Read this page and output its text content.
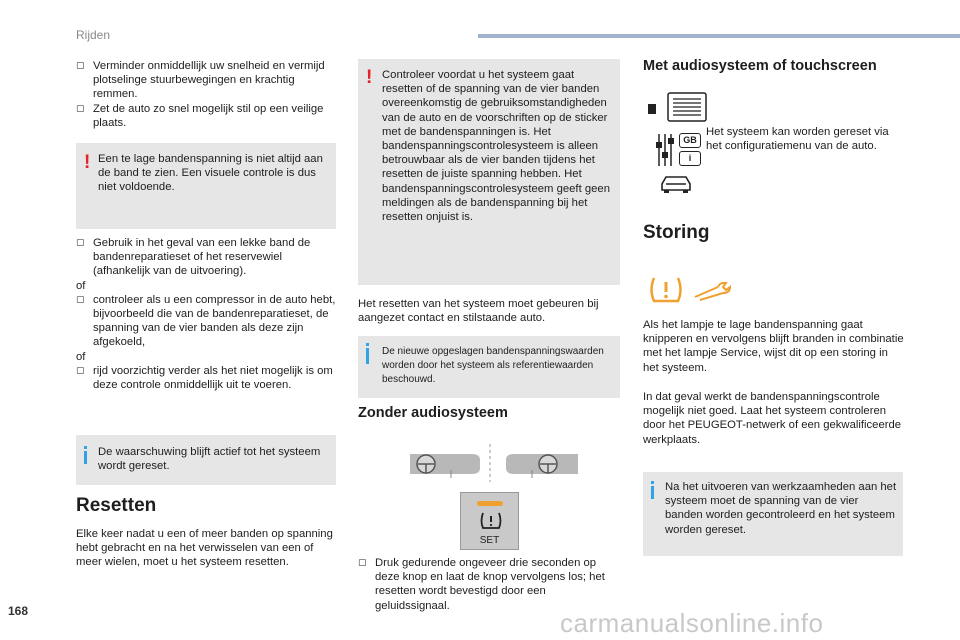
Rijden
▢ Verminder onmiddellijk uw snelheid en vermijd plotselinge stuurbewegingen en krachtig remmen.
▢ Zet de auto zo snel mogelijk stil op een veilige plaats.
! Een te lage bandenspanning is niet altijd aan de band te zien. Een visuele controle is dus niet voldoende.
▢ Gebruik in het geval van een lekke band de bandenreparatieset of het reservewiel (afhankelijk van de uitvoering).
of
▢ controleer als u een compressor in de auto hebt, bijvoorbeeld die van de bandenreparatieset, de spanning van de vier banden als deze zijn afgekoeld,
of
▢ rijd voorzichtig verder als het niet mogelijk is om deze controle onmiddellijk uit te voeren.
De waarschuwing blijft actief tot het systeem wordt gereset.
Resetten
Elke keer nadat u een of meer banden op spanning hebt gebracht en na het verwisselen van een of meer wielen, moet u het systeem resetten.
! Controleer voordat u het systeem gaat resetten of de spanning van de vier banden overeenkomstig de gebruiksomstandigheden van de auto en de voorschriften op de sticker met de bandenspanningen is. Het bandenspanningscontrolesysteem is alleen betrouwbaar als de vier banden tijdens het resetten de juiste spanning hebben. Het bandenspanningscontrolesysteem geeft geen meldingen als de bandenspanning bij het resetten onjuist is.
Het resetten van het systeem moet gebeuren bij aangezet contact en stilstaande auto.
De nieuwe opgeslagen bandenspanningswaarden worden door het systeem als referentiewaarden beschouwd.
Zonder audiosysteem
SET
▢ Druk gedurende ongeveer drie seconden op deze knop en laat de knop vervolgens los; het resetten wordt bevestigd door een geluidssignaal.
Met audiosysteem of touchscreen
GB
i
Het systeem kan worden gereset via het configuratiemenu van de auto.
Storing
Als het lampje te lage bandenspanning gaat knipperen en vervolgens blijft branden in combinatie met het lampje Service, wijst dit op een storing in het systeem.
In dat geval werkt de bandenspanningscontrole mogelijk niet goed. Laat het systeem controleren door het PEUGEOT-netwerk of een gekwalificeerde werkplaats.
Na het uitvoeren van werkzaamheden aan het systeem moet de spanning van de vier banden worden gecontroleerd en het systeem worden gereset.
168	carmanualsonline.info
